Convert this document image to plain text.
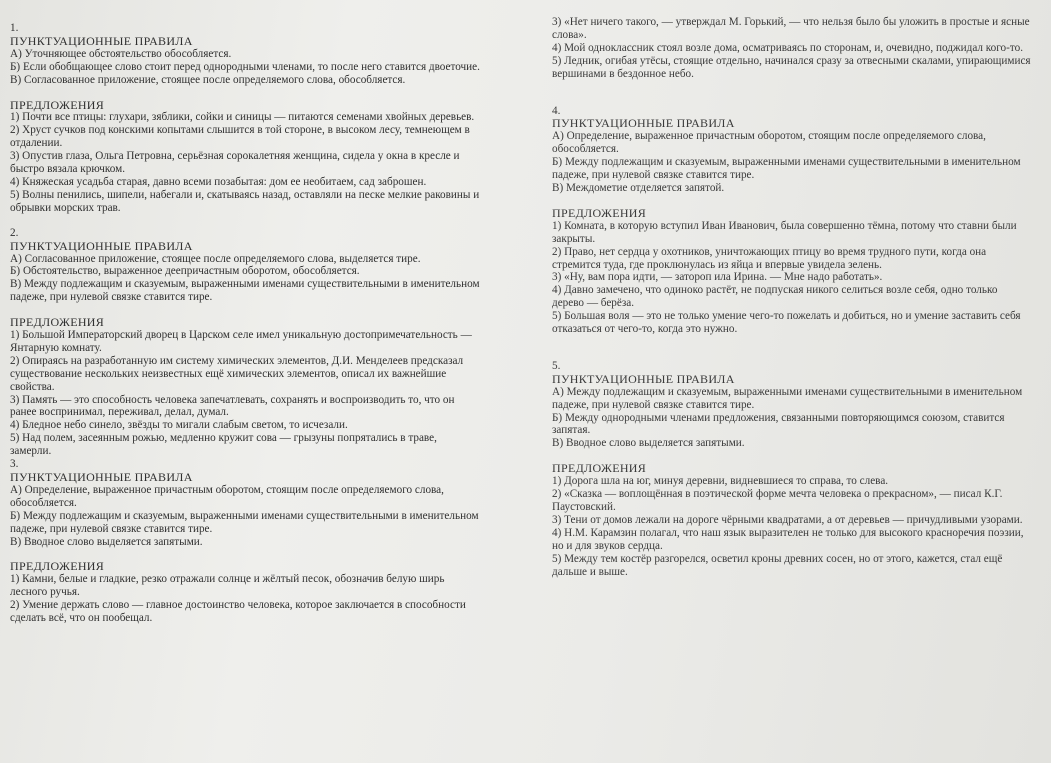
1.
ПУНКТУАЦИОННЫЕ ПРАВИЛА
А) Уточняющее обстоятельство обособляется.
Б) Если обобщающее слово стоит перед однородными членами, то после него ставится двоеточие.
В) Согласованное приложение, стоящее после определяемого слова, обособляется.
ПРЕДЛОЖЕНИЯ
1) Почти все птицы: глухари, зяблики, сойки и синицы — питаются семенами хвойных деревьев.
2) Хруст сучков под конскими копытами слышится в той стороне, в высоком лесу, темнеющем в отдалении.
3) Опустив глаза, Ольга Петровна, серьёзная сорокалетняя женщина, сидела у окна в кресле и быстро вязала крючком.
4) Княжеская усадьба старая, давно всеми позабытая: дом ее необитаем, сад заброшен.
5) Волны пенились, шипели, набегали и, скатываясь назад, оставляли на песке мелкие раковины и обрывки морских трав.
2.
ПУНКТУАЦИОННЫЕ ПРАВИЛА
А) Согласованное приложение, стоящее после определяемого слова, выделяется тире.
Б) Обстоятельство, выраженное деепричастным оборотом, обособляется.
В) Между подлежащим и сказуемым, выраженными именами существительными в именительном падеже, при нулевой связке ставится тире.
ПРЕДЛОЖЕНИЯ
1) Большой Императорский дворец в Царском селе имел уникальную достопримечательность — Янтарную комнату.
2) Опираясь на разработанную им систему химических элементов, Д.И. Менделеев предсказал существование нескольких неизвестных ещё химических элементов, описал их важнейшие свойства.
3) Память — это способность человека запечатлевать, сохранять и воспроизводить то, что он ранее воспринимал, переживал, делал, думал.
4) Бледное небо синело, звёзды то мигали слабым светом, то исчезали.
5) Над полем, засеянным рожью, медленно кружит сова — грызуны попрятались в траве, замерли.
3.
ПУНКТУАЦИОННЫЕ ПРАВИЛА
А) Определение, выраженное причастным оборотом, стоящим после определяемого слова, обособляется.
Б) Между подлежащим и сказуемым, выраженными именами существительными в именительном падеже, при нулевой связке ставится тире.
В) Вводное слово выделяется запятыми.
ПРЕДЛОЖЕНИЯ
1) Камни, белые и гладкие, резко отражали солнце и жёлтый песок, обозначив белую ширь лесного ручья.
2) Умение держать слово — главное достоинство человека, которое заключается в способности сделать всё, что он пообещал.
3) «Нет ничего такого, — утверждал М. Горький, — что нельзя было бы уложить в простые и ясные слова».
4) Мой одноклассник стоял возле дома, осматриваясь по сторонам, и, очевидно, поджидал кого-то.
5) Ледник, огибая утёсы, стоящие отдельно, начинался сразу за отвесными скалами, упирающимися вершинами в бездонное небо.
4.
ПУНКТУАЦИОННЫЕ ПРАВИЛА
А) Определение, выраженное причастным оборотом, стоящим после определяемого слова, обособляется.
Б) Между подлежащим и сказуемым, выраженными именами существительными в именительном падеже, при нулевой связке ставится тире.
В) Междометие отделяется запятой.
ПРЕДЛОЖЕНИЯ
1) Комната, в которую вступил Иван Иванович, была совершенно тёмна, потому что ставни были закрыты.
2) Право, нет сердца у охотников, уничтожающих птицу во время трудного пути, когда она стремится туда, где проклюнулась из яйца и впервые увидела зелень.
3) «Ну, вам пора идти, — затороп ила Ирина. — Мне надо работать».
4) Давно замечено, что одиноко растёт, не подпуская никого селиться возле себя, одно только дерево — берёза.
5) Большая воля — это не только умение чего-то пожелать и добиться, но и умение заставить себя отказаться от чего-то, когда это нужно.
5.
ПУНКТУАЦИОННЫЕ ПРАВИЛА
А) Между подлежащим и сказуемым, выраженными именами существительными в именительном падеже, при нулевой связке ставится тире.
Б) Между однородными членами предложения, связанными повторяющимся союзом, ставится запятая.
В) Вводное слово выделяется запятыми.
ПРЕДЛОЖЕНИЯ
1) Дорога шла на юг, минуя деревни, видневшиеся то справа, то слева.
2) «Сказка — воплощённая в поэтической форме мечта человека о прекрасном», — писал К.Г. Паустовский.
3) Тени от домов лежали на дороге чёрными квадратами, а от деревьев — причудливыми узорами.
4) Н.М. Карамзин полагал, что наш язык выразителен не только для высокого красноречия поэзии, но и для звуков сердца.
5) Между тем костёр разгорелся, осветил кроны древних сосен, но от этого, кажется, стал ещё дальше и выше.
